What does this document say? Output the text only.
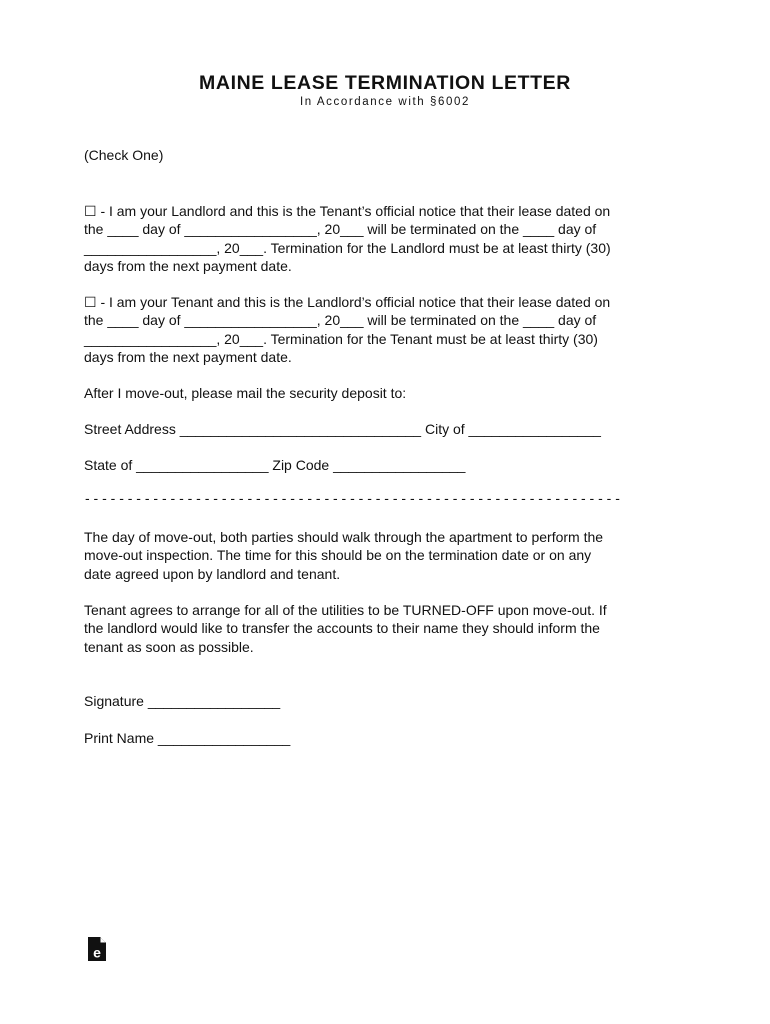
MAINE LEASE TERMINATION LETTER
In Accordance with §6002

(Check One)

☐ - I am your Landlord and this is the Tenant’s official notice that their lease dated on
the ____ day of _________________, 20___ will be terminated on the ____ day of
_________________, 20___. Termination for the Landlord must be at least thirty (30)
days from the next payment date.

☐ - I am your Tenant and this is the Landlord’s official notice that their lease dated on
the ____ day of _________________, 20___ will be terminated on the ____ day of
_________________, 20___. Termination for the Tenant must be at least thirty (30)
days from the next payment date.

After I move-out, please mail the security deposit to:

Street Address _______________________________ City of _________________

State of _________________ Zip Code _________________

- - - - - - - - - - - - - - - - - - - - - - - - - - - - - - - - - - - - - - - - - - - - - - - - - - - - - - - - - - - - - - -

The day of move-out, both parties should walk through the apartment to perform the
move-out inspection. The time for this should be on the termination date or on any
date agreed upon by landlord and tenant.

Tenant agrees to arrange for all of the utilities to be TURNED-OFF upon move-out. If
the landlord would like to transfer the accounts to their name they should inform the
tenant as soon as possible.

Signature _________________

Print Name _________________

e
